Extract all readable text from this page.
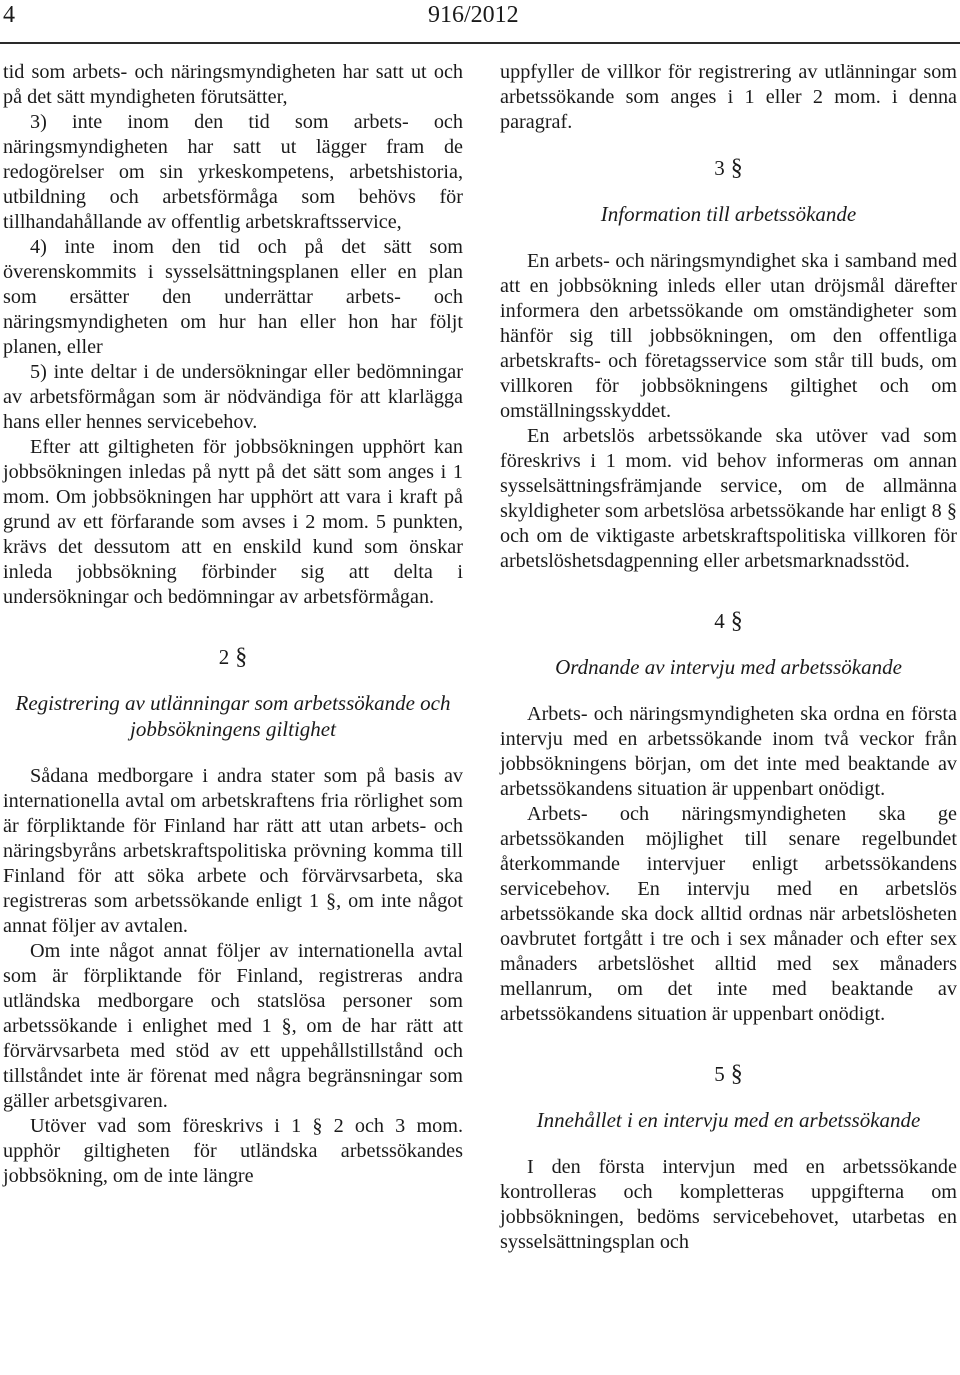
4	916/2012

tid som arbets- och näringsmyndigheten har satt ut och på det sätt myndigheten förutsätter,

3) inte inom den tid som arbets- och näringsmyndigheten har satt ut lägger fram de redogörelser om sin yrkeskompetens, arbetshistoria, utbildning och arbetsförmåga som behövs för tillhandahållande av offentlig arbetskraftsservice,

4) inte inom den tid och på det sätt som överenskommits i sysselsättningsplanen eller en plan som ersätter den underrättar arbets- och näringsmyndigheten om hur han eller hon har följt planen, eller

5) inte deltar i de undersökningar eller bedömningar av arbetsförmågan som är nödvändiga för att klarlägga hans eller hennes servicebehov.

Efter att giltigheten för jobbsökningen upphört kan jobbsökningen inledas på nytt på det sätt som anges i 1 mom. Om jobbsökningen har upphört att vara i kraft på grund av ett förfarande som avses i 2 mom. 5 punkten, krävs det dessutom att en enskild kund som önskar inleda jobbsökning förbinder sig att delta i undersökningar och bedömningar av arbetsförmågan.

2 §

Registrering av utlänningar som arbetssökande och jobbsökningens giltighet

Sådana medborgare i andra stater som på basis av internationella avtal om arbetskraftens fria rörlighet som är förpliktande för Finland har rätt att utan arbets- och näringsbyråns arbetskraftspolitiska prövning komma till Finland för att söka arbete och förvärvsarbeta, ska registreras som arbetssökande enligt 1 §, om inte något annat följer av avtalen.

Om inte något annat följer av internationella avtal som är förpliktande för Finland, registreras andra utländska medborgare och statslösa personer som arbetssökande i enlighet med 1 §, om de har rätt att förvärvsarbeta med stöd av ett uppehållstillstånd och tillståndet inte är förenat med några begränsningar som gäller arbetsgivaren.

Utöver vad som föreskrivs i 1 § 2 och 3 mom. upphör giltigheten för utländska arbetssökandes jobbsökning, om de inte längre

uppfyller de villkor för registrering av utlänningar som arbetssökande som anges i 1 eller 2 mom. i denna paragraf.

3 §

Information till arbetssökande

En arbets- och näringsmyndighet ska i samband med att en jobbsökning inleds eller utan dröjsmål därefter informera den arbetssökande om omständigheter som hänför sig till jobbsökningen, om den offentliga arbetskrafts- och företagsservice som står till buds, om villkoren för jobbsökningens giltighet och om omställningsskyddet.

En arbetslös arbetssökande ska utöver vad som föreskrivs i 1 mom. vid behov informeras om annan sysselsättningsfrämjande service, om de allmänna skyldigheter som arbetslösa arbetssökande har enligt 8 § och om de viktigaste arbetskraftspolitiska villkoren för arbetslöshetsdagpenning eller arbetsmarknadsstöd.

4 §

Ordnande av intervju med arbetssökande

Arbets- och näringsmyndigheten ska ordna en första intervju med en arbetssökande inom två veckor från jobbsökningens början, om det inte med beaktande av arbetssökandens situation är uppenbart onödigt.

Arbets- och näringsmyndigheten ska ge arbetssökanden möjlighet till senare regelbundet återkommande intervjuer enligt arbetssökandens servicebehov. En intervju med en arbetslös arbetssökande ska dock alltid ordnas när arbetslösheten oavbrutet fortgått i tre och i sex månader och efter sex månaders arbetslöshet alltid med sex månaders mellanrum, om det inte med beaktande av arbetssökandens situation är uppenbart onödigt.

5 §

Innehållet i en intervju med en arbetssökande

I den första intervjun med en arbetssökande kontrolleras och kompletteras uppgifterna om jobbsökningen, bedöms servicebehovet, utarbetas en sysselsättningsplan och
